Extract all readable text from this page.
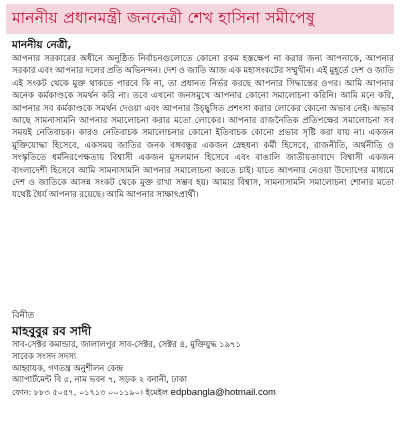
মাননীয় প্রধানমন্ত্রী জননেত্রী শেখ হাসিনা সমীপেষু
মাননীয় নেত্রী,
আপনার সরকারের অধীনে অনুষ্ঠিত নির্বাচনগুলোতে কোনো রকম হস্তক্ষেপ না করার জন্য আপনাকে, আপনার সরকার এবং আপনার দলের প্রতি অভিনন্দন। দেশ ও জাতি আজ এক মহাসংকটের সম্মুখীন। এই মুহূর্তে দেশ ও জাতি এই সংকট থেকে মুক্ত থাকতে পারবে কি না, তা প্রধানত নির্ভর করছে আপনার সিদ্ধান্তের ওপর। আমি আপনার অনেক কর্মকাণ্ডকে সমর্থন করি না। তবে এখনো জনসমুখে আপনার কোনো সমালোচনা করিনি। আমি মনে করি, আপনার সব কর্মকাণ্ডকে সমর্থন দেওয়া এবং আপনার উচ্ছ্বসিত প্রশংসা করার লোকের কোনো অভাব নেই। অভাব আছে সামনাসামনি আপনার সমালোচনা করার মতো লোকের। আপনার রাজনৈতিক প্রতিপক্ষের সমালোচনা সব সময়ই নেতিবাচক। কারও নেতিবাচক সমালোচনার কোনো ইতিবাচক কোনো প্রভাব সৃষ্টি করা যায় না। একজন মুক্তিযোদ্ধা হিসেবে, একসময় জাতির জনক বঙ্গবন্ধুর একজন স্নেহধন্য কর্মী হিসেবে, রাজনীতি, অর্থনীতি ও সংস্কৃতিতে ধর্মনিরপেক্ষতায় বিশ্বাসী একজন মুসলমান হিসেবে এবং বাঙালি জাতীয়তাবাদে বিশ্বাসী একজন বাংলাদেশী হিসেবে আমি সামনাসামনি আপনার সমালোচনা করতে চাই। যাতে আপনার নেওয়া উদ্যোগের মাধ্যমে দেশ ও জাতিকে আসন্ন সংকট থেকে মুক্ত রাখা সম্ভব হয়। আমার বিশ্বাস, সামনাসামনি সমালোচনা শোনার মতো যথেষ্ট ধৈর্য আপনার রয়েছে। আমি আপনার সাক্ষাৎপ্রার্থী।
বিনীত
মাহবুবুর রব সাদী
সাব-সেক্টর কমান্ডার, জালালপুর সাব-সেক্টর, সেক্টর ৪, মুক্তিযুদ্ধ ১৯৭১
সাবেক সংসদ সদস্য
আহ্বায়ক, গণতন্ত্র অনুশীলন কেন্দ্র
অ্যাপার্টমেন্ট বি ৫, নাম ভবন ৭, সড়ক ২ বনানী, ঢাকা
ফোন: ৮৮৩ ৫০৫৭, ০১৭১৩ ০০১১৯০। ইমেইল edpbangla@hotmail.com
